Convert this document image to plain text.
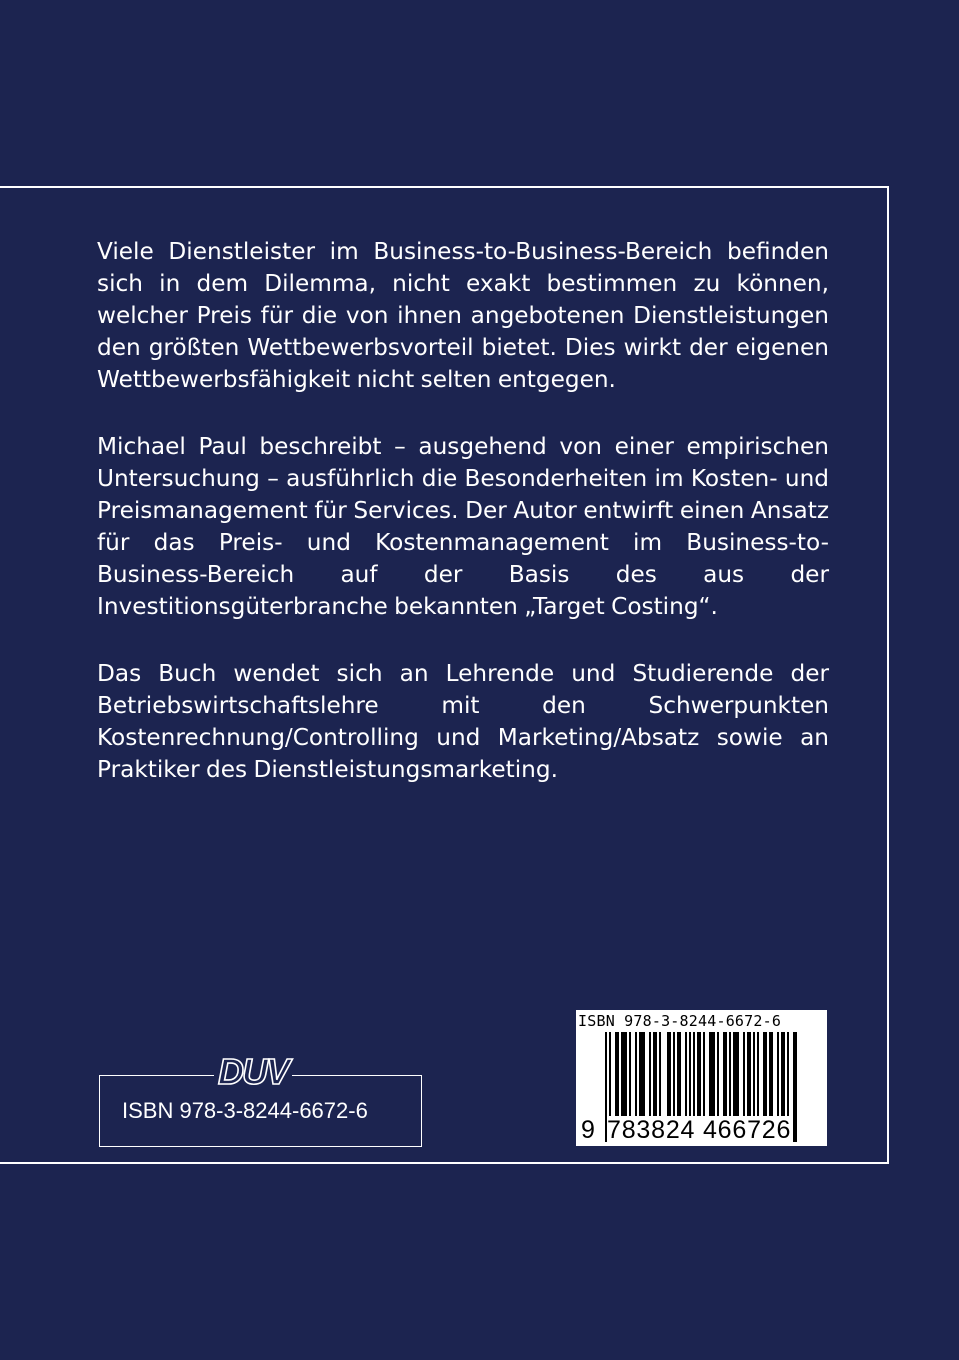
Viele Dienstleister im Business-to-Business-Bereich befinden sich in dem Dilemma, nicht exakt bestimmen zu können, welcher Preis für die von ihnen angebotenen Dienstleistungen den größten Wettbewerbsvorteil bietet. Dies wirkt der eigenen Wettbewerbsfähigkeit nicht selten entgegen.

Michael Paul beschreibt – ausgehend von einer empirischen Untersuchung – ausführlich die Besonderheiten im Kosten- und Preismanagement für Services. Der Autor entwirft einen Ansatz für das Preis- und Kostenmanagement im Business-to-Business-Bereich auf der Basis des aus der Investitionsgüterbranche bekannten „Target Costing“.

Das Buch wendet sich an Lehrende und Studierende der Betriebswirtschaftslehre mit den Schwerpunkten Kostenrechnung/Controlling und Marketing/Absatz sowie an Praktiker des Dienstleistungsmarketing.

DUV
ISBN 978-3-8244-6672-6
ISBN 978-3-8244-6672-6
9 783824 466726
